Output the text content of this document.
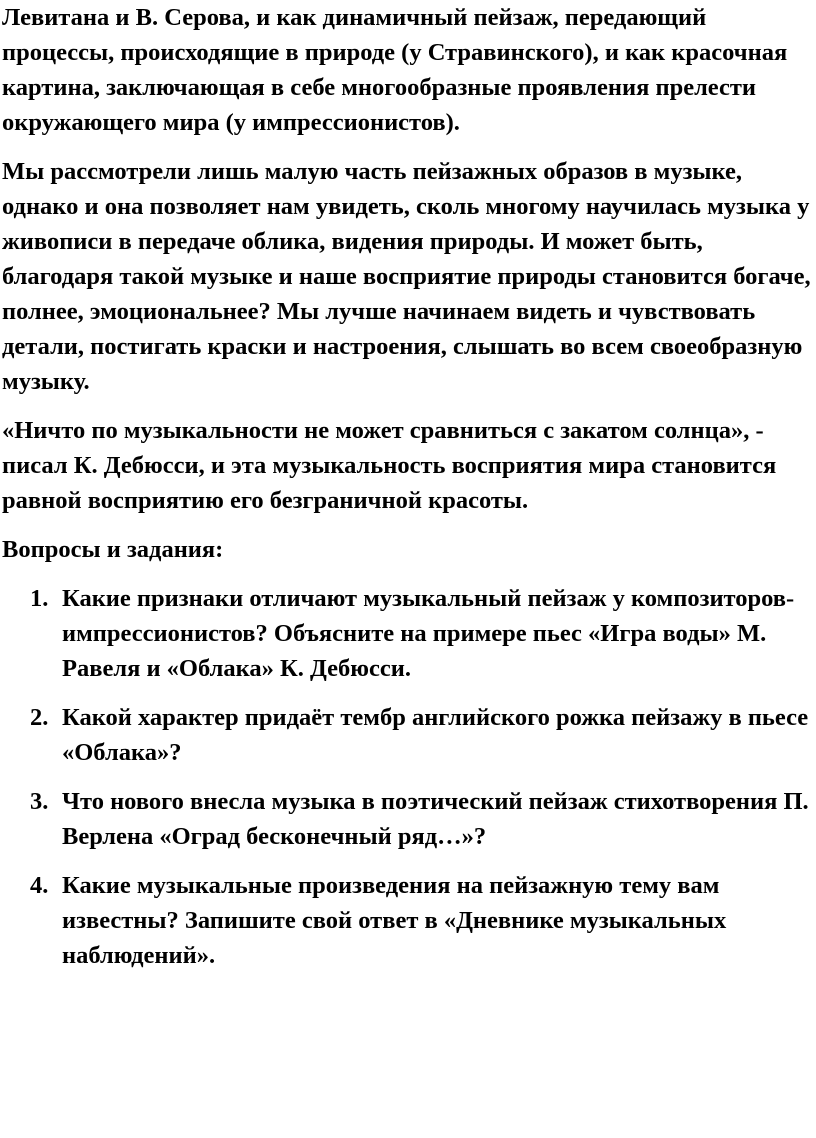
Левитана и В. Серова, и как динамичный пейзаж, передающий процессы, происходящие в природе (у Стравинского), и как красочная картина, заключающая в себе многообразные проявления прелести окружающего мира (у импрессионистов).

Мы рассмотрели лишь малую часть пейзажных образов в музыке, однако и она позволяет нам увидеть, сколь многому научилась музыка у живописи в передаче облика, видения природы. И может быть, благодаря такой музыке и наше восприятие природы становится богаче, полнее, эмоциональнее? Мы лучше начинаем видеть и чувствовать детали, постигать краски и настроения, слышать во всем своеобразную музыку.

«Ничто по музыкальности не может сравниться с закатом солнца», - писал К. Дебюсси, и эта музыкальность восприятия мира становится равной восприятию его безграничной красоты.

Вопросы и задания:

1. Какие признаки отличают музыкальный пейзаж у композиторов-импрессионистов? Объясните на примере пьес «Игра воды» М. Равеля и «Облака» К. Дебюсси.
2. Какой характер придаёт тембр английского рожка пейзажу в пьесе «Облака»?
3. Что нового внесла музыка в поэтический пейзаж стихотворения П. Верлена «Оград бесконечный ряд…»?
4. Какие музыкальные произведения на пейзажную тему вам известны? Запишите свой ответ в «Дневнике музыкальных наблюдений».
